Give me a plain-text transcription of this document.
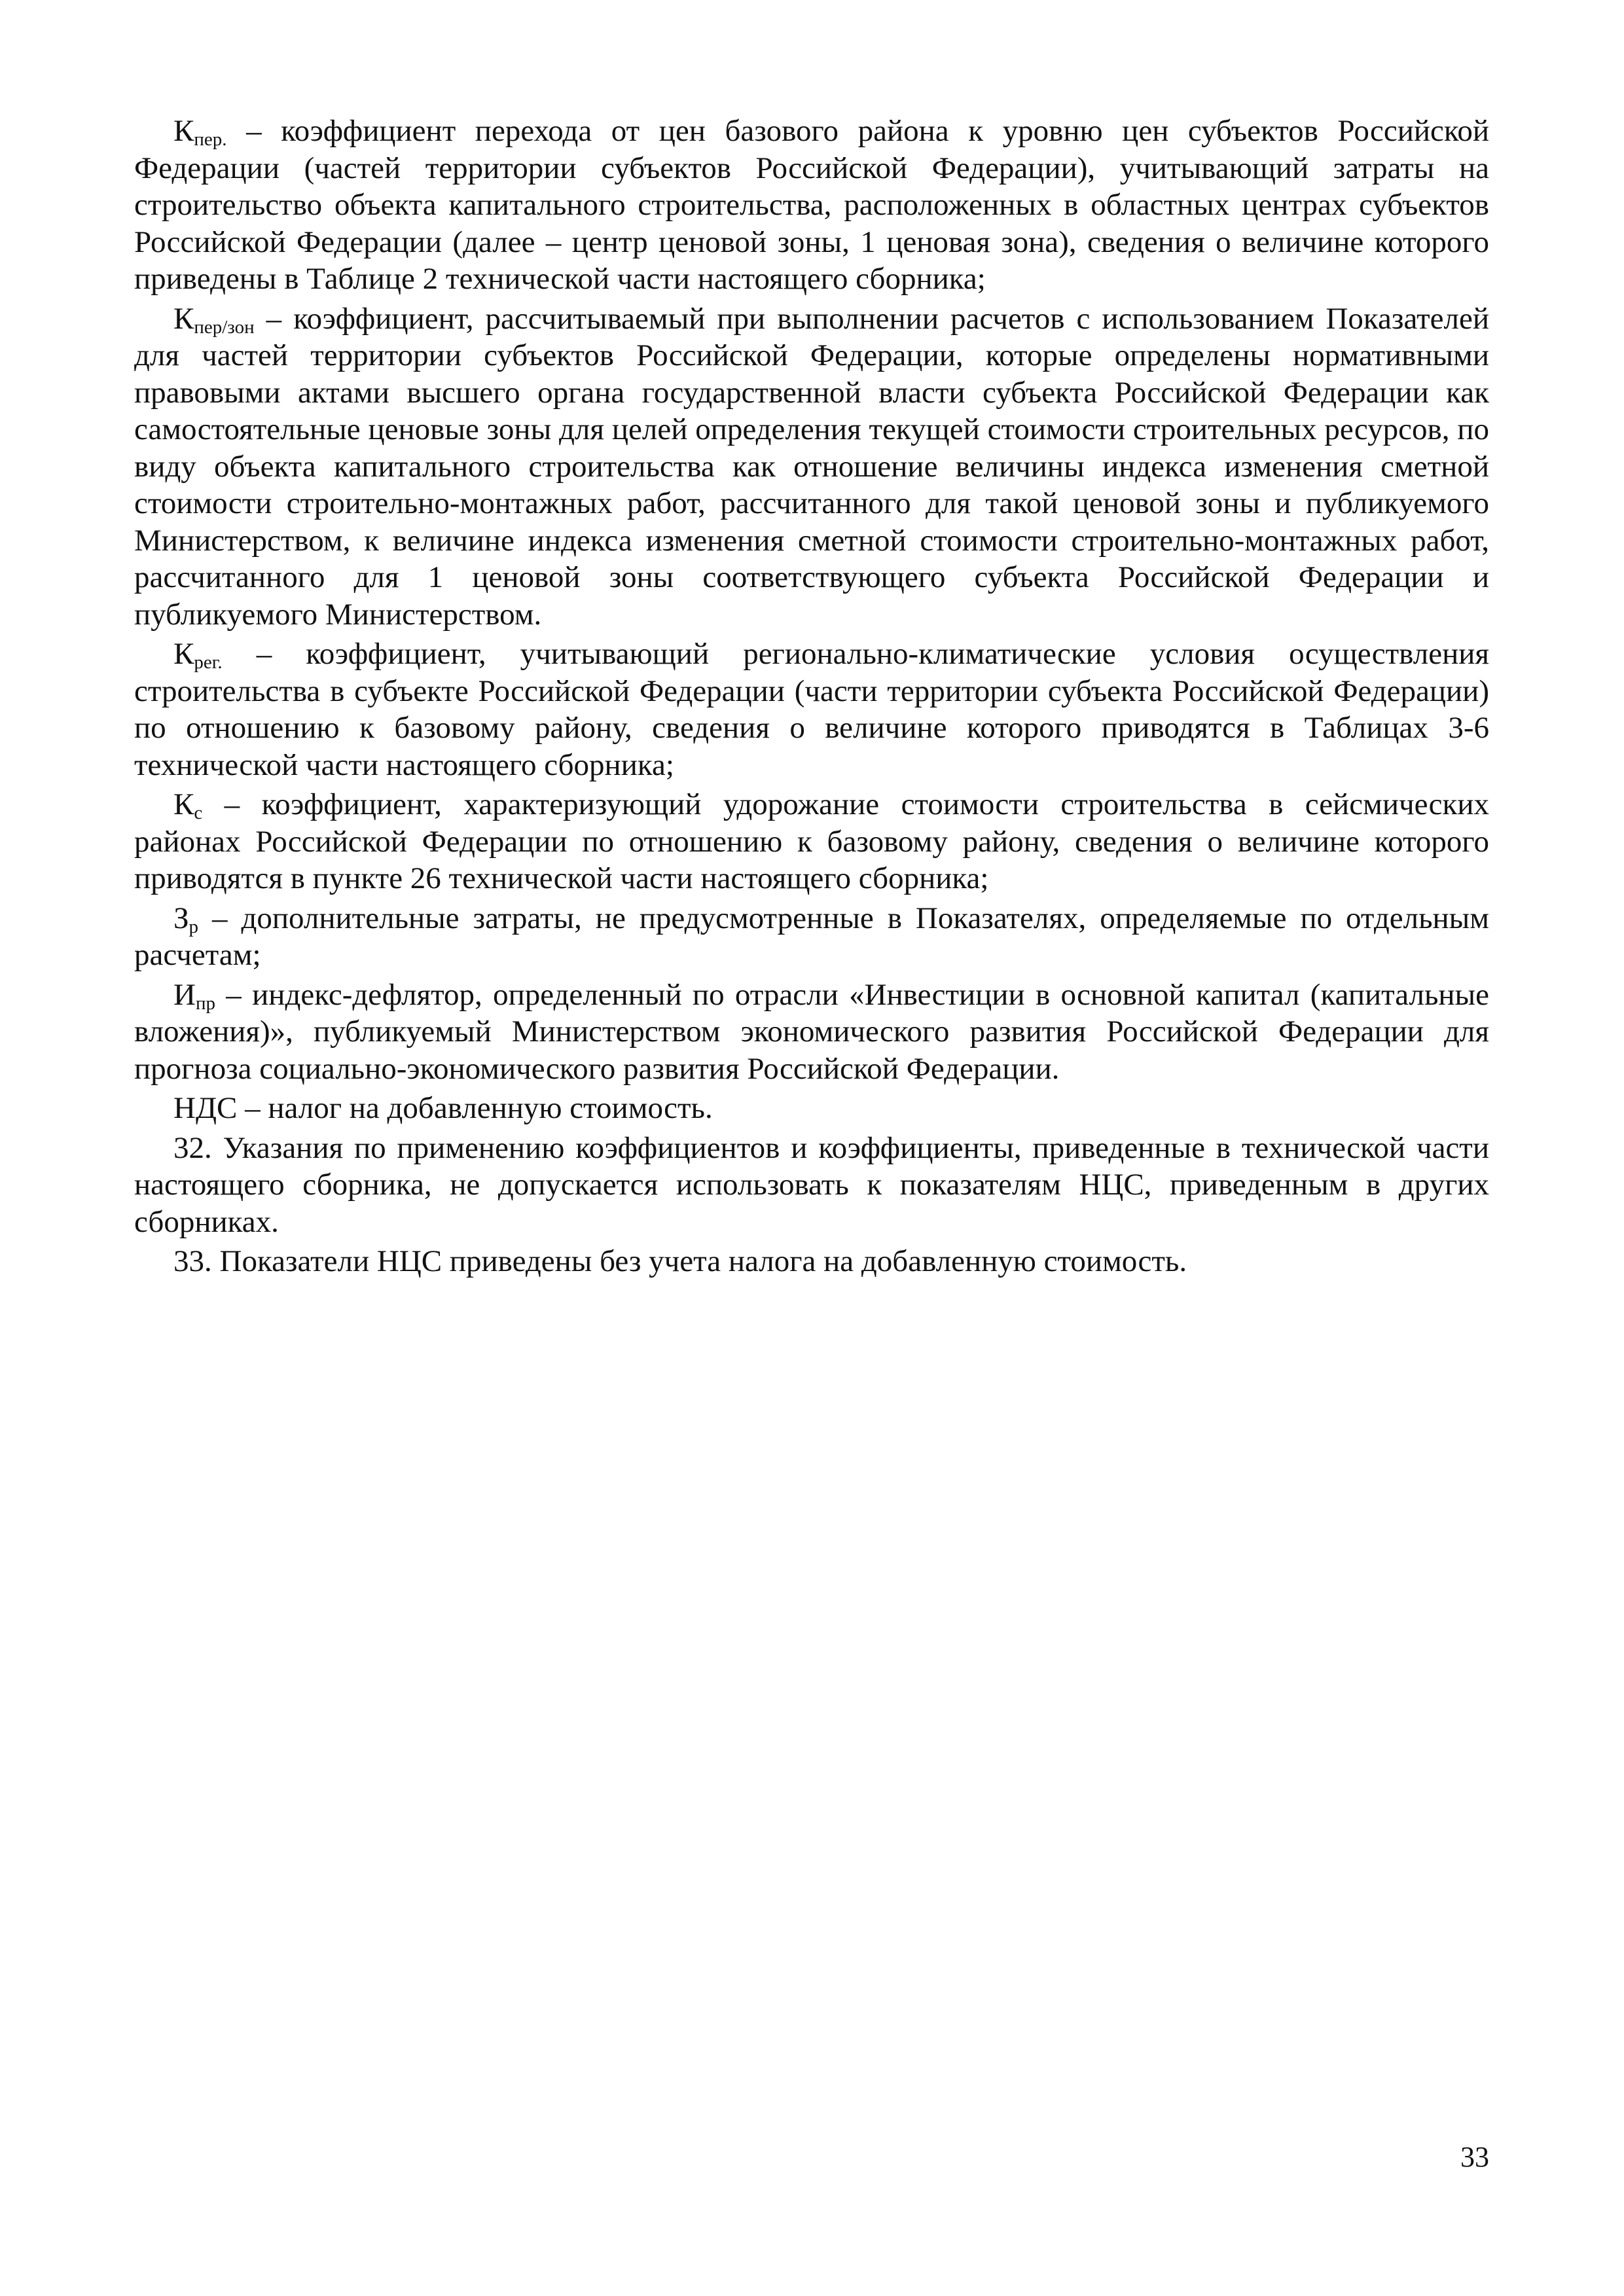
Кпер. – коэффициент перехода от цен базового района к уровню цен субъектов Российской Федерации (частей территории субъектов Российской Федерации), учитывающий затраты на строительство объекта капитального строительства, расположенных в областных центрах субъектов Российской Федерации (далее – центр ценовой зоны, 1 ценовая зона), сведения о величине которого приведены в Таблице 2 технической части настоящего сборника;

Кпер/зон – коэффициент, рассчитываемый при выполнении расчетов с использованием Показателей для частей территории субъектов Российской Федерации, которые определены нормативными правовыми актами высшего органа государственной власти субъекта Российской Федерации как самостоятельные ценовые зоны для целей определения текущей стоимости строительных ресурсов, по виду объекта капитального строительства как отношение величины индекса изменения сметной стоимости строительно-монтажных работ, рассчитанного для такой ценовой зоны и публикуемого Министерством, к величине индекса изменения сметной стоимости строительно-монтажных работ, рассчитанного для 1 ценовой зоны соответствующего субъекта Российской Федерации и публикуемого Министерством.

Крег. – коэффициент, учитывающий регионально-климатические условия осуществления строительства в субъекте Российской Федерации (части территории субъекта Российской Федерации) по отношению к базовому району, сведения о величине которого приводятся в Таблицах 3-6 технической части настоящего сборника;

Кс – коэффициент, характеризующий удорожание стоимости строительства в сейсмических районах Российской Федерации по отношению к базовому району, сведения о величине которого приводятся в пункте 26 технической части настоящего сборника;

Зр – дополнительные затраты, не предусмотренные в Показателях, определяемые по отдельным расчетам;

Ипр – индекс-дефлятор, определенный по отрасли «Инвестиции в основной капитал (капитальные вложения)», публикуемый Министерством экономического развития Российской Федерации для прогноза социально-экономического развития Российской Федерации.

НДС – налог на добавленную стоимость.

32. Указания по применению коэффициентов и коэффициенты, приведенные в технической части настоящего сборника, не допускается использовать к показателям НЦС, приведенным в других сборниках.

33. Показатели НЦС приведены без учета налога на добавленную стоимость.

33
